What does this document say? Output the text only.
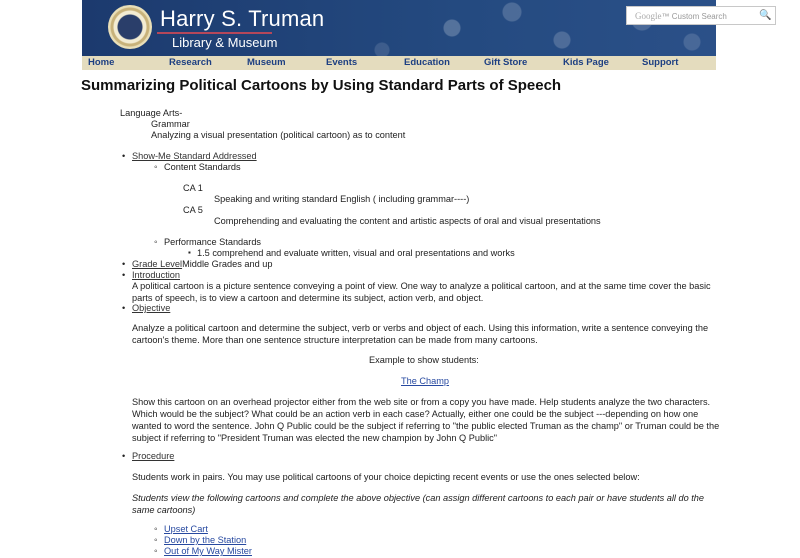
Harry S. Truman
Library & Museum
Google™ Custom Search	🔍
Home	Research	Museum	Events	Education	Gift Store	Kids Page	Support
Summarizing Political Cartoons by Using Standard Parts of Speech
Language Arts-
Grammar
Analyzing a visual presentation (political cartoon) as to content
• Show-Me Standard Addressed
◦ Content Standards
CA 1
Speaking and writing standard English ( including grammar----)
CA 5
Comprehending and evaluating the content and artistic aspects of oral and visual presentations
◦ Performance Standards
▪ 1.5 comprehend and evaluate written, visual and oral presentations and works
• Grade LevelMiddle Grades and up
• Introduction
A political cartoon is a picture sentence conveying a point of view. One way to analyze a political cartoon, and at the same time cover the basic parts of speech, is to view a cartoon and determine its subject, action verb, and object.
• Objective
Analyze a political cartoon and determine the subject, verb or verbs and object of each. Using this information, write a sentence conveying the cartoon's theme. More than one sentence structure interpretation can be made from many cartoons.
Example to show students:
The Champ
Show this cartoon on an overhead projector either from the web site or from a copy you have made. Help students analyze the two characters. Which would be the subject? What could be an action verb in each case? Actually, either one could be the subject ---depending on how one wanted to word the sentence. John Q Public could be the subject if referring to "the public elected Truman as the champ" or Truman could be the subject if referring to "President Truman was elected the new champion by John Q Public"
• Procedure
Students work in pairs. You may use political cartoons of your choice depicting recent events or use the ones selected below:
Students view the following cartoons and complete the above objective (can assign different cartoons to each pair or have students all do the same cartoons)
◦ Upset Cart
◦ Down by the Station
◦ Out of My Way Mister
